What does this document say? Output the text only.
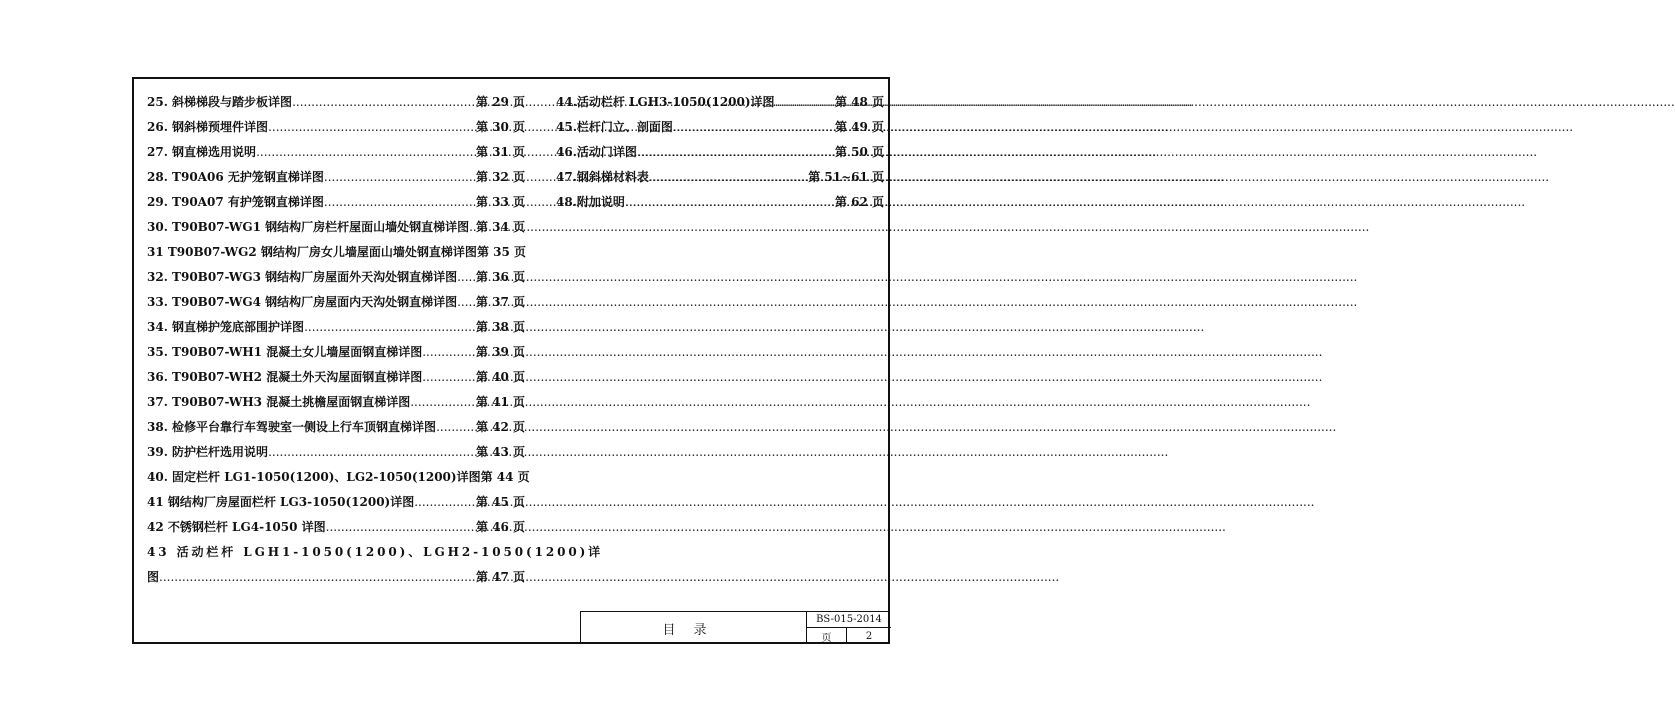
25. 斜梯梯段与踏步板详图 .....	第 29 页
26. 钢斜梯预埋件详图 .....	第 30 页
27. 钢直梯选用说明 .....	第 31 页
28. T90A06 无护笼钢直梯详图 .....	第 32 页
29. T90A07 有护笼钢直梯详图 .....	第 33 页
30. T90B07-WG1 钢结构厂房栏杆屋面山墙处钢直梯详图 ..... 第 34 页
31 T90B07-WG2 钢结构厂房女儿墙屋面山墙处钢直梯详图 第 35 页
32. T90B07-WG3 钢结构厂房屋面外天沟处钢直梯详图 ..... 第 36 页
33. T90B07-WG4 钢结构厂房屋面内天沟处钢直梯详图 ..... 第 37 页
34. 钢直梯护笼底部围护详图 .....	第 38 页
35. T90B07-WH1 混凝土女儿墙屋面钢直梯详图 .....	第 39 页
36. T90B07-WH2 混凝土外天沟屋面钢直梯详图 .....	第 40 页
37. T90B07-WH3 混凝土挑檐屋面钢直梯详图 .....	第 41 页
38. 检修平台靠行车驾驶室一侧设上行车顶钢直梯详图 .....	第 42 页
39. 防护栏杆选用说明 .....	第 43 页
40. 固定栏杆 LG1-1050(1200)、LG2-1050(1200)详图 第 44 页
41 钢结构厂房屋面栏杆 LG3-1050(1200)详图 .....	第 45 页
42 不锈钢栏杆 LG4-1050 详图 .....	第 46 页
43 活动栏杆 LGH1-1050(1200)、LGH2-1050(1200)详
图 .....	第 47 页
44.活动栏杆 LGH3-1050(1200)详图 .....	第 48 页
45.栏杆门立、剖面图 .....	第 49 页
46.活动门详图 .....	第 50 页
47.钢斜梯材料表 .....	第 51~61 页
48.附加说明 .....	第 62 页
目录
BS-015-2014
页	2
